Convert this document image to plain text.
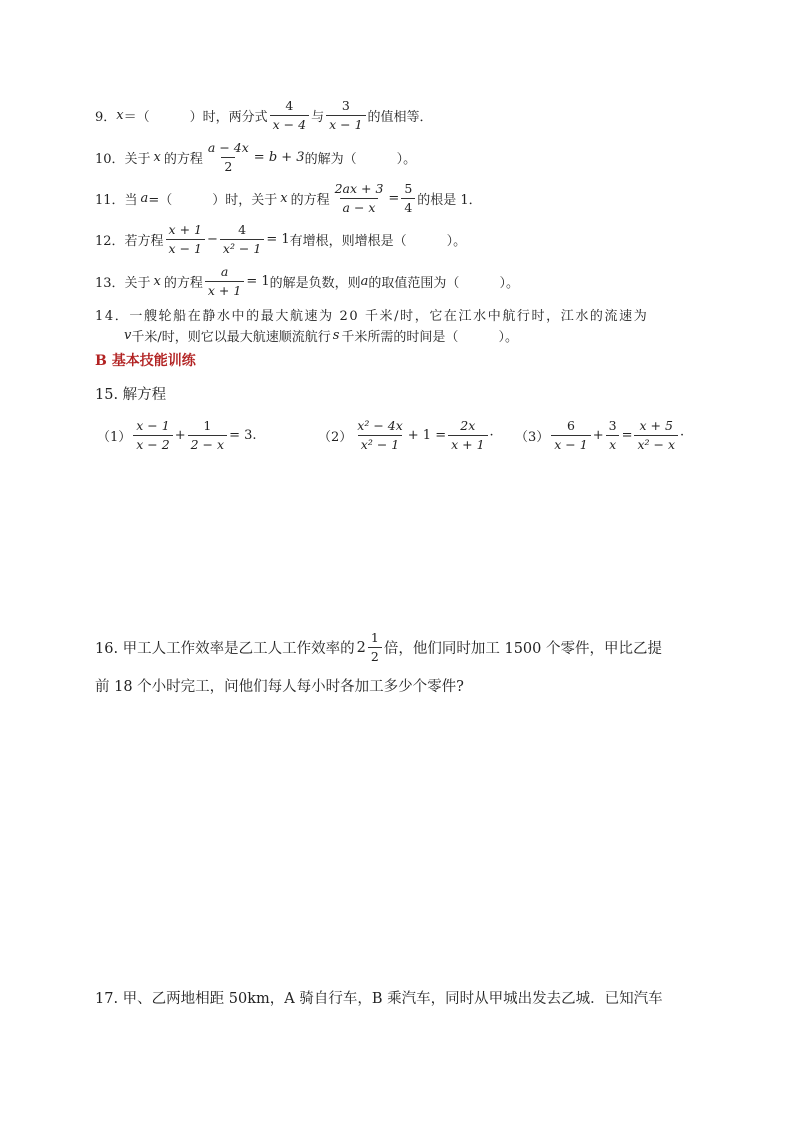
9． x ＝（	）时，两分式 $\frac{4}{x - 4}$ 与 $\frac{3}{x - 1}$ 的值相等．
10．关于 x 的方程 $\frac{a - 4x}{2} = b + 3$ 的解为（	）。
11．当 a =（	）时，关于 x 的方程 $\frac{2ax + 3}{a - x} = \frac{5}{4}$ 的根是 1．
12．若方程 $\frac{x + 1}{x - 1} - \frac{4}{\text{x² − 1}} = 1$ 有增根，则增根是（	）。
13．关于 x 的方程 $\frac{a}{x + 1} = 1$ 的解是负数，则 a 的取值范围为（	）。
14．一艘轮船在静水中的最大航速为 20 千米/时，它在江水中航行时，江水的流速为
v 千米/时，则它以最大航速顺流航行 s 千米所需的时间是（	）。
B 基本技能训练
15. 解方程
$(1) \frac{x - 1}{x - 2} + \frac{1}{2 - x} = 3$.	$(2) \frac{\text{x² − 4x}}{\text{x² − 1}} + 1 = \frac{2x}{x + 1} \cdot (3) \frac{6}{x - 1} + \frac{3}{x} = \frac{x + 5}{\text{x² − x}}$ ·
16. 甲工人工作效率是乙工人工作效率的 $2 \frac{1}{2}$ 倍，他们同时加工 1500 个零件，甲比乙提
前 18 个小时完工，问他们每人每小时各加工多少个零件?
17. 甲、乙两地相距 50km，A 骑自行车，B 乘汽车，同时从甲城出发去乙城．已知汽车
